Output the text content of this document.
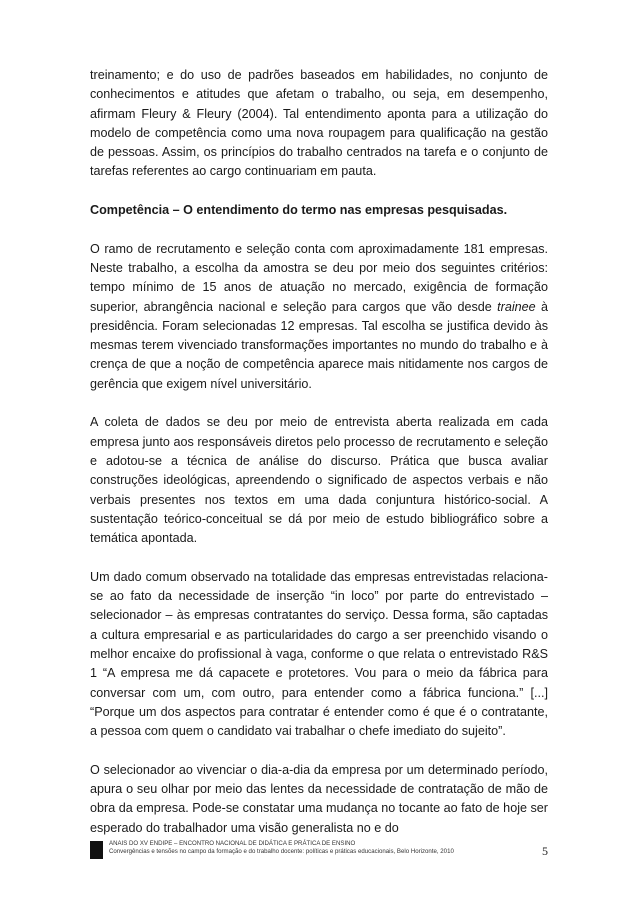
treinamento; e do uso de padrões baseados em habilidades, no conjunto de conhecimentos e atitudes que afetam o trabalho, ou seja, em desempenho, afirmam Fleury & Fleury (2004). Tal entendimento aponta para a utilização do modelo de competência como uma nova roupagem para qualificação na gestão de pessoas. Assim, os princípios do trabalho centrados na tarefa e o conjunto de tarefas referentes ao cargo continuariam em pauta.

Competência – O entendimento do termo nas empresas pesquisadas.

O ramo de recrutamento e seleção conta com aproximadamente 181 empresas. Neste trabalho, a escolha da amostra se deu por meio dos seguintes critérios: tempo mínimo de 15 anos de atuação no mercado, exigência de formação superior, abrangência nacional e seleção para cargos que vão desde trainee à presidência. Foram selecionadas 12 empresas. Tal escolha se justifica devido às mesmas terem vivenciado transformações importantes no mundo do trabalho e à crença de que a noção de competência aparece mais nitidamente nos cargos de gerência que exigem nível universitário.

A coleta de dados se deu por meio de entrevista aberta realizada em cada empresa junto aos responsáveis diretos pelo processo de recrutamento e seleção e adotou-se a técnica de análise do discurso. Prática que busca avaliar construções ideológicas, apreendendo o significado de aspectos verbais e não verbais presentes nos textos em uma dada conjuntura histórico-social. A sustentação teórico-conceitual se dá por meio de estudo bibliográfico sobre a temática apontada.

Um dado comum observado na totalidade das empresas entrevistadas relaciona-se ao fato da necessidade de inserção “in loco” por parte do entrevistado – selecionador – às empresas contratantes do serviço. Dessa forma, são captadas a cultura empresarial e as particularidades do cargo a ser preenchido visando o melhor encaixe do profissional à vaga, conforme o que relata o entrevistado R&S 1 “A empresa me dá capacete e protetores. Vou para o meio da fábrica para conversar com um, com outro, para entender como a fábrica funciona.” [...] “Porque um dos aspectos para contratar é entender como é que é o contratante, a pessoa com quem o candidato vai trabalhar o chefe imediato do sujeito”.

O selecionador ao vivenciar o dia-a-dia da empresa por um determinado período, apura o seu olhar por meio das lentes da necessidade de contratação de mão de obra da empresa. Pode-se constatar uma mudança no tocante ao fato de hoje ser esperado do trabalhador uma visão generalista no e do

ANAIS DO XV ENDIPE – ENCONTRO NACIONAL DE DIDÁTICA E PRÁTICA DE ENSINO
Convergências e tensões no campo da formação e do trabalho docente: políticas e práticas educacionais, Belo Horizonte, 2010	5
